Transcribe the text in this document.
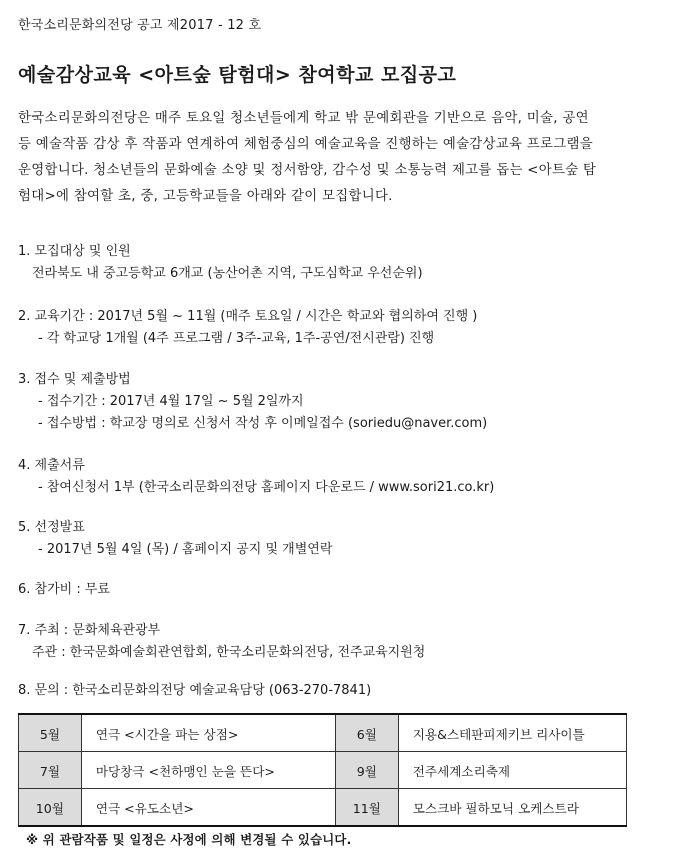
한국소리문화의전당 공고 제2017 - 12 호
예술감상교육 <아트숲 탐험대> 참여학교 모집공고
한국소리문화의전당은 매주 토요일 청소년들에게 학교 밖 문예회관을 기반으로 음악, 미술, 공연
등 예술작품 감상 후 작품과 연계하여 체험중심의 예술교육을 진행하는 예술감상교육 프로그램을
운영합니다. 청소년들의 문화예술 소양 및 정서함양, 감수성 및 소통능력 제고를 돕는 <아트숲 탐
험대>에 참여할 초, 중, 고등학교들을 아래와 같이 모집합니다.
1. 모집대상 및 인원
전라북도 내 중고등학교 6개교 (농산어촌 지역, 구도심학교 우선순위)
2. 교육기간 : 2017년 5월 ~ 11월 (매주 토요일 / 시간은 학교와 협의하여 진행 )
- 각 학교당 1개월 (4주 프로그램 / 3주-교육, 1주-공연/전시관람) 진행
3. 접수 및 제출방법
- 접수기간 : 2017년 4월 17일 ~ 5월 2일까지
- 접수방법 : 학교장 명의로 신청서 작성 후 이메일접수 (soriedu@naver.com)
4. 제출서류
- 참여신청서 1부 (한국소리문화의전당 홈페이지 다운로드 / www.sori21.co.kr)
5. 선정발표
- 2017년 5월 4일 (목) / 홈페이지 공지 및 개별연락
6. 참가비 : 무료
7. 주최 : 문화체육관광부
주관 : 한국문화예술회관연합회, 한국소리문화의전당, 전주교육지원청
8. 문의 : 한국소리문화의전당 예술교육담당 (063-270-7841)
5월	연극 <시간을 파는 상점>	6월	지용&스테판피제키브 리사이틀
7월	마당창극 <천하맹인 눈을 뜬다>	9월	전주세계소리축제
10월	연극 <유도소년>	11월	모스크바 필하모닉 오케스트라
※ 위 관람작품 및 일정은 사정에 의해 변경될 수 있습니다.
